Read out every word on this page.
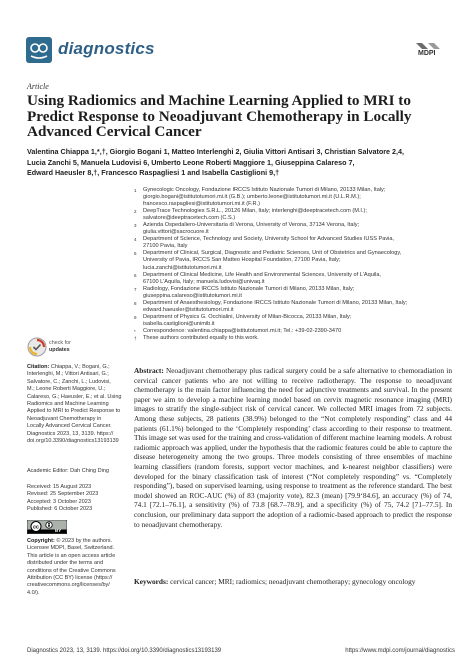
diagnostics	MDPI
Article
Using Radiomics and Machine Learning Applied to MRI to Predict Response to Neoadjuvant Chemotherapy in Locally Advanced Cervical Cancer
Valentina Chiappa 1,*,†, Giorgio Bogani 1, Matteo Interlenghi 2, Giulia Vittori Antisari 3, Christian Salvatore 2,4,
Lucia Zanchi 5, Manuela Ludovisi 6, Umberto Leone Roberti Maggiore 1, Giuseppina Calareso 7,
Edward Haeusler 8,†, Francesco Raspagliesi 1 and Isabella Castiglioni 9,†
1 Gynecologic Oncology, Fondazione IRCCS Istituto Nazionale Tumori di Milano, 20133 Milan, Italy;
giorgio.bogani@istitutotumori.mi.it (G.B.); umberto.leone@istitutotumori.mi.it (U.L.R.M.);
francesco.raspagliesi@istitutotumori.mi.it (F.R.)
2 DeepTrace Technologies S.R.L., 20126 Milan, Italy; interlenghi@deeptracetech.com (M.I.);
salvatore@deeptracetech.com (C.S.)
3 Azienda Ospedaliero-Universitaria di Verona, University of Verona, 37134 Verona, Italy;
giulia.vittori@sacrocuore.it
4 Department of Science, Technology and Society, University School for Advanced Studies IUSS Pavia,
27100 Pavia, Italy
5 Department of Clinical, Surgical, Diagnostic and Pediatric Sciences, Unit of Obstetrics and Gynaecology,
University of Pavia, IRCCS San Matteo Hospital Foundation, 27100 Pavia, Italy;
lucia.zanchi@istitutotumori.mi.it
6 Department of Clinical Medicine, Life Health and Environmental Sciences, University of L'Aquila,
67100 L'Aquila, Italy; manuela.ludovisi@univaq.it
7 Radiology, Fondazione IRCCS Istituto Nazionale Tumori di Milano, 20133 Milan, Italy;
giuseppina.calareso@istitutotumori.mi.it
8 Department of Anaesthesiology, Fondazione IRCCS Istituto Nazionale Tumori di Milano, 20133 Milan, Italy;
edward.haeusler@istitutotumori.mi.it
9 Department of Physics G. Occhialini, University of Milan-Bicocca, 20133 Milan, Italy;
isabella.castiglioni@unimib.it
* Correspondence: valentina.chiappa@istitutotumori.mi.it; Tel.: +39-02-2390-3470
† These authors contributed equally to this work.
check for
updates
Citation: Chiappa, V.; Bogani, G.;
Interlenghi, M.; Vittori Antisari, G.;
Salvatore, C.; Zanchi, L.; Ludovisi,
M.; Leone Roberti Maggiore, U.;
Calareso, G.; Haeusler, E.; et al. Using
Radiomics and Machine Learning
Applied to MRI to Predict Response to
Neoadjuvant Chemotherapy in
Locally Advanced Cervical Cancer.
Diagnostics 2023, 13, 3139. https://
doi.org/10.3390/diagnostics13193139

Academic Editor: Dah Ching Ding
Received: 15 August 2023
Revised: 25 September 2023
Accepted: 3 October 2023
Published: 6 October 2023
cc
BY
Copyright: © 2023 by the authors.
Licensee MDPI, Basel, Switzerland.
This article is an open access article
distributed under the terms and
conditions of the Creative Commons
Attribution (CC BY) license (https://
creativecommons.org/licenses/by/
4.0/).

Abstract: Neoadjuvant chemotherapy plus radical surgery could be a safe alternative to chemoradiation in cervical cancer patients who are not willing to receive radiotherapy. The response to neoadjuvant chemotherapy is the main factor influencing the need for adjunctive treatments and survival. In the present paper we aim to develop a machine learning model based on cervix magnetic resonance imaging (MRI) images to stratify the single-subject risk of cervical cancer. We collected MRI images from 72 subjects. Among these subjects, 28 patients (38.9%) belonged to the “Not completely responding” class and 44 patients (61.1%) belonged to the ‘Completely responding’ class according to their response to treatment. This image set was used for the training and cross-validation of different machine learning models. A robust radiomic approach was applied, under the hypothesis that the radiomic features could be able to capture the disease heterogeneity among the two groups. Three models consisting of three ensembles of machine learning classifiers (random forests, support vector machines, and k-nearest neighbor classifiers) were developed for the binary classification task of interest (“Not completely responding” vs. “Completely responding”), based on supervised learning, using response to treatment as the reference standard. The best model showed an ROC-AUC (%) of 83 (majority vote), 82.3 (mean) [79.9‘84.6], an accuracy (%) of 74, 74.1 [72.1–76.1], a sensitivity (%) of 73.8 [68.7–78.9], and a specificity (%) of 75, 74.2 [71–77.5]. In conclusion, our preliminary data support the adoption of a radiomic-based approach to predict the response to neoadjuvant chemotherapy.
Keywords: cervical cancer; MRI; radiomics; neoadjuvant chemotherapy; gynecology oncology
Diagnostics 2023, 13, 3139. https://doi.org/10.3390/diagnostics13193139	https://www.mdpi.com/journal/diagnostics
